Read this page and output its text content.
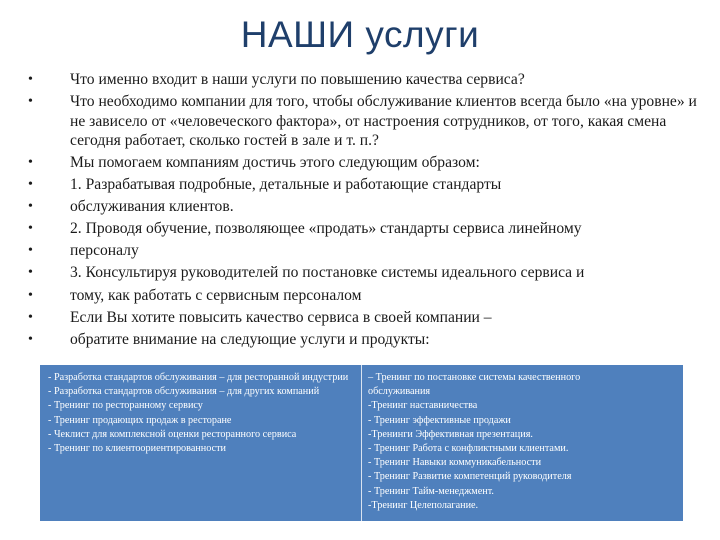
НАШИ услуги
• Что именно входит в наши услуги по повышению качества сервиса?
• Что необходимо компании для того, чтобы обслуживание клиентов всегда было «на уровне» и не зависело от «человеческого фактора», от настроения сотрудников, от того, какая смена сегодня работает, сколько гостей в зале и т. п.?
• Мы помогаем компаниям достичь этого следующим образом:
• 1. Разрабатывая подробные, детальные и работающие стандарты
• обслуживания клиентов.
• 2. Проводя обучение, позволяющее «продать» стандарты сервиса линейному
• персоналу
• 3. Консультируя руководителей по постановке системы идеального сервиса и
• тому, как работать с сервисным персоналом
• Если Вы хотите повысить качество сервиса в своей компании –
• обратите внимание на следующие услуги и продукты:
- Разработка стандартов обслуживания – для ресторанной индустрии
- Разработка стандартов обслуживания – для других компаний
- Тренинг по ресторанному сервису
- Тренинг продающих продаж в ресторане
- Чеклист для комплексной оценки ресторанного сервиса
- Тренинг по клиентоориентированности
– Тренинг по постановке системы качественного
обслуживания
-Тренинг наставничества
- Тренинг эффективные продажи
-Тренинги Эффективная презентация.
- Тренинг Работа с конфликтными клиентами.
- Тренинг Навыки коммуникабельности
- Тренинг Развитие компетенций руководителя
- Тренинг Тайм-менеджмент.
-Тренинг Целеполагание.
